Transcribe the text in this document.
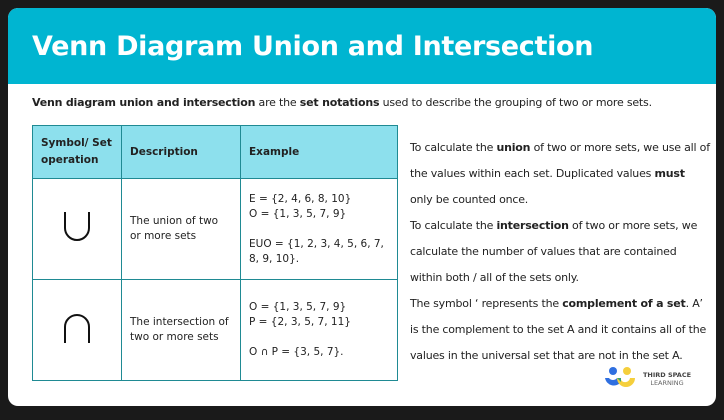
Venn Diagram Union and Intersection
Venn diagram union and intersection are the set notations used to describe the grouping of two or more sets.
Symbol/ Set operation	Description	Example
	The union of two or more sets	E = {2, 4, 6, 8, 10}

O = {1, 3, 5, 7, 9}

EUO = {1, 2, 3, 4, 5, 6, 7, 8, 9, 10}.

	The intersection of two or more sets	O = {1, 3, 5, 7, 9}

P = {2, 3, 5, 7, 11}

O ∩ P = {3, 5, 7}.

To calculate the union of two or more sets, we use all of the values within each set. Duplicated values must only be counted once.

To calculate the intersection of two or more sets, we calculate the number of values that are contained within both / all of the sets only.

The symbol ‘ represents the complement of a set. A’ is the complement to the set A and it contains all of the values in the universal set that are not in the set A.

THIRD SPACE
LEARNING
